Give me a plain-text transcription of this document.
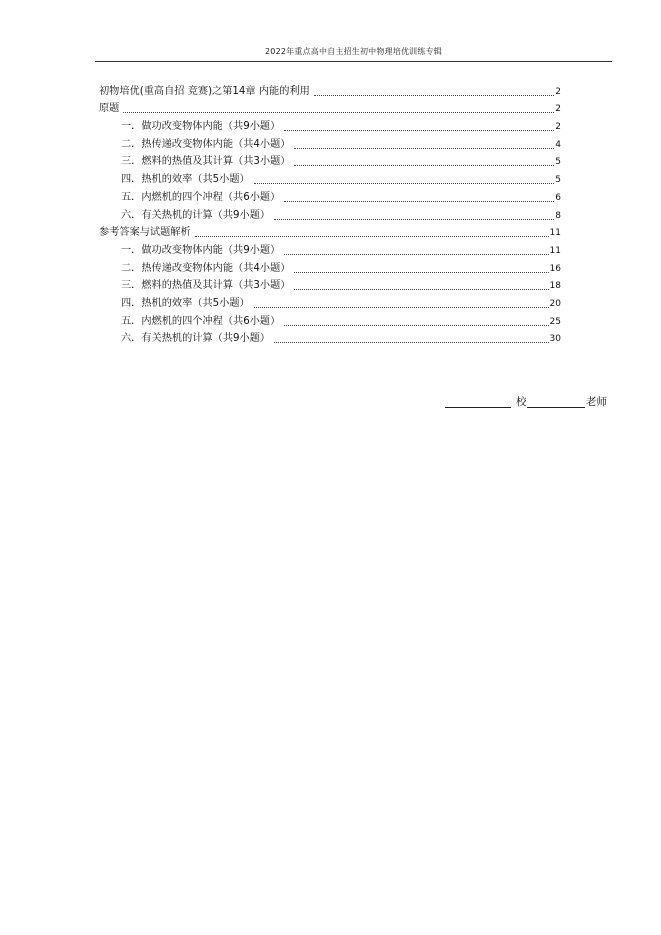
2022年重点高中自主招生初中物理培优训练专辑
初物培优(重高自招 竞赛)之第14章 内能的利用	2
原题	2
一．做功改变物体内能（共9小题）	2
二．热传递改变物体内能（共4小题）	4
三．燃料的热值及其计算（共3小题）	5
四．热机的效率（共5小题）	5
五．内燃机的四个冲程（共6小题）	6
六．有关热机的计算（共9小题）	8
参考答案与试题解析	11
一．做功改变物体内能（共9小题）	11
二．热传递改变物体内能（共4小题）	16
三．燃料的热值及其计算（共3小题）	18
四．热机的效率（共5小题）	20
五．内燃机的四个冲程（共6小题）	25
六．有关热机的计算（共9小题）	30
校	老师
